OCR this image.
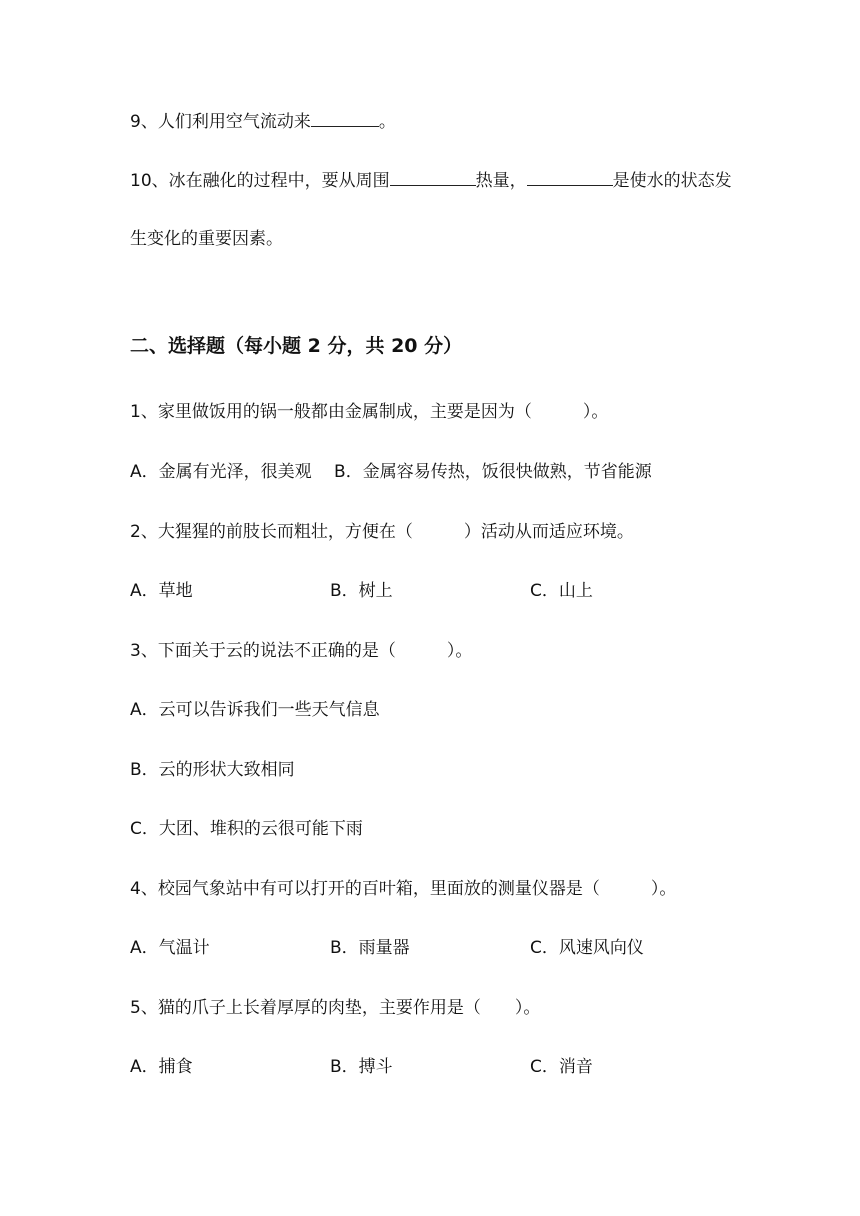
9、人们利用空气流动来	。
10、冰在融化的过程中，要从周围	热量，	是使水的状态发
生变化的重要因素。
二、选择题（每小题 2 分，共 20 分）
1、家里做饭用的锅一般都由金属制成，主要是因为（　　　）。
A．金属有光泽，很美观　 B．金属容易传热，饭很快做熟，节省能源
2、大猩猩的前肢长而粗壮，方便在（　　　）活动从而适应环境。
A．草地	B．树上	C．山上
3、下面关于云的说法不正确的是（　　　）。
A．云可以告诉我们一些天气信息
B．云的形状大致相同
C．大团、堆积的云很可能下雨
4、校园气象站中有可以打开的百叶箱，里面放的测量仪器是（　　　）。
A．气温计	B．雨量器	C．风速风向仪
5、猫的爪子上长着厚厚的肉垫，主要作用是（　　）。
A．捕食	B．搏斗	C．消音
